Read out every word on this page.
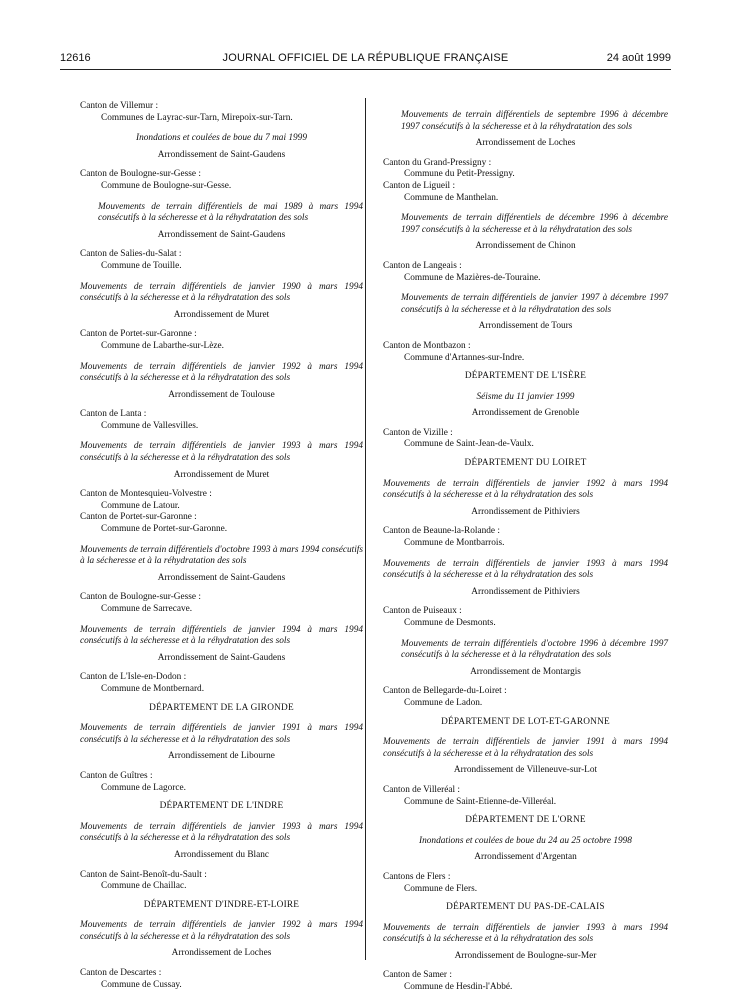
12616	JOURNAL OFFICIEL DE LA RÉPUBLIQUE FRANÇAISE	24 août 1999

Canton de Villemur :

Communes de Layrac-sur-Tarn, Mirepoix-sur-Tarn.

Inondations et coulées de boue du 7 mai 1999

Arrondissement de Saint-Gaudens

Canton de Boulogne-sur-Gesse :

Commune de Boulogne-sur-Gesse.

Mouvements de terrain différentiels de mai 1989 à mars 1994 consécutifs à la sécheresse et à la réhydratation des sols

Arrondissement de Saint-Gaudens

Canton de Salies-du-Salat :

Commune de Touille.

Mouvements de terrain différentiels de janvier 1990 à mars 1994 consécutifs à la sécheresse et à la réhydratation des sols

Arrondissement de Muret

Canton de Portet-sur-Garonne :

Commune de Labarthe-sur-Lèze.

Mouvements de terrain différentiels de janvier 1992 à mars 1994 consécutifs à la sécheresse et à la réhydratation des sols

Arrondissement de Toulouse

Canton de Lanta :

Commune de Vallesvilles.

Mouvements de terrain différentiels de janvier 1993 à mars 1994 consécutifs à la sécheresse et à la réhydratation des sols

Arrondissement de Muret

Canton de Montesquieu-Volvestre :

Commune de Latour.

Canton de Portet-sur-Garonne :

Commune de Portet-sur-Garonne.

Mouvements de terrain différentiels d'octobre 1993 à mars 1994 consécutifs à la sécheresse et à la réhydratation des sols

Arrondissement de Saint-Gaudens

Canton de Boulogne-sur-Gesse :

Commune de Sarrecave.

Mouvements de terrain différentiels de janvier 1994 à mars 1994 consécutifs à la sécheresse et à la réhydratation des sols

Arrondissement de Saint-Gaudens

Canton de L'Isle-en-Dodon :

Commune de Montbernard.

DÉPARTEMENT DE LA GIRONDE

Mouvements de terrain différentiels de janvier 1991 à mars 1994 consécutifs à la sécheresse et à la réhydratation des sols

Arrondissement de Libourne

Canton de Guîtres :

Commune de Lagorce.

DÉPARTEMENT DE L'INDRE

Mouvements de terrain différentiels de janvier 1993 à mars 1994 consécutifs à la sécheresse et à la réhydratation des sols

Arrondissement du Blanc

Canton de Saint-Benoît-du-Sault :

Commune de Chaillac.

DÉPARTEMENT D'INDRE-ET-LOIRE

Mouvements de terrain différentiels de janvier 1992 à mars 1994 consécutifs à la sécheresse et à la réhydratation des sols

Arrondissement de Loches

Canton de Descartes :

Commune de Cussay.

Mouvements de terrain différentiels de septembre 1996 à décembre 1997 consécutifs à la sécheresse et à la réhydratation des sols

Arrondissement de Loches

Canton du Grand-Pressigny :

Commune du Petit-Pressigny.

Canton de Ligueil :

Commune de Manthelan.

Mouvements de terrain différentiels de décembre 1996 à décembre 1997 consécutifs à la sécheresse et à la réhydratation des sols

Arrondissement de Chinon

Canton de Langeais :

Commune de Mazières-de-Touraine.

Mouvements de terrain différentiels de janvier 1997 à décembre 1997 consécutifs à la sécheresse et à la réhydratation des sols

Arrondissement de Tours

Canton de Montbazon :

Commune d'Artannes-sur-Indre.

DÉPARTEMENT DE L'ISÈRE

Séisme du 11 janvier 1999

Arrondissement de Grenoble

Canton de Vizille :

Commune de Saint-Jean-de-Vaulx.

DÉPARTEMENT DU LOIRET

Mouvements de terrain différentiels de janvier 1992 à mars 1994 consécutifs à la sécheresse et à la réhydratation des sols

Arrondissement de Pithiviers

Canton de Beaune-la-Rolande :

Commune de Montbarrois.

Mouvements de terrain différentiels de janvier 1993 à mars 1994 consécutifs à la sécheresse et à la réhydratation des sols

Arrondissement de Pithiviers

Canton de Puiseaux :

Commune de Desmonts.

Mouvements de terrain différentiels d'octobre 1996 à décembre 1997 consécutifs à la sécheresse et à la réhydratation des sols

Arrondissement de Montargis

Canton de Bellegarde-du-Loiret :

Commune de Ladon.

DÉPARTEMENT DE LOT-ET-GARONNE

Mouvements de terrain différentiels de janvier 1991 à mars 1994 consécutifs à la sécheresse et à la réhydratation des sols

Arrondissement de Villeneuve-sur-Lot

Canton de Villeréal :

Commune de Saint-Etienne-de-Villeréal.

DÉPARTEMENT DE L'ORNE

Inondations et coulées de boue du 24 au 25 octobre 1998

Arrondissement d'Argentan

Cantons de Flers :

Commune de Flers.

DÉPARTEMENT DU PAS-DE-CALAIS

Mouvements de terrain différentiels de janvier 1993 à mars 1994 consécutifs à la sécheresse et à la réhydratation des sols

Arrondissement de Boulogne-sur-Mer

Canton de Samer :

Commune de Hesdin-l'Abbé.
